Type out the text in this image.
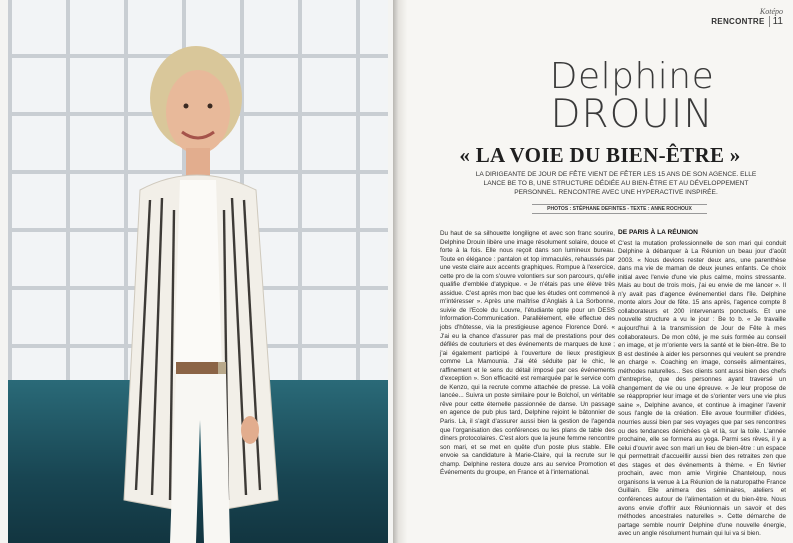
Kotépo
RENCONTRE 11
Delphine
DROUIN
« LA VOIE DU BIEN-ÊTRE »
LA DIRIGEANTE DE JOUR DE FÊTE VIENT DE FÊTER LES 15 ANS DE SON AGENCE. ELLE LANCE BE TO B, UNE STRUCTURE DÉDIÉE AU BIEN-ÊTRE ET AU DÉVELOPPEMENT PERSONNEL. RENCONTRE AVEC UNE HYPERACTIVE INSPIRÉE.
PHOTOS : STÉPHANE DEFINTES - TEXTE : ANNE ROCHOUX

Du haut de sa silhouette longiligne et avec son franc sourire, Delphine Drouin libère une image résolument solaire, douce et forte à la fois. Elle nous reçoit dans son lumineux bureau. Toute en élégance : pantalon et top immaculés, rehaussés par une veste claire aux accents graphiques. Rompue à l'exercice, cette pro de la com s'ouvre volontiers sur son parcours, qu'elle qualifie d'emblée d'atypique. « Je n'étais pas une élève très assidue. C'est après mon bac que les études ont commencé à m'intéresser ». Après une maîtrise d'Anglais à La Sorbonne, suivie de l'Ecole du Louvre, l'étudiante opte pour un DESS Information-Communication. Parallèlement, elle effectue des jobs d'hôtesse, via la prestigieuse agence Florence Doré. « J'ai eu la chance d'assurer pas mal de prestations pour des défilés de couturiers et des événements de marques de luxe ; j'ai également participé à l'ouverture de lieux prestigieux comme La Mamounia. J'ai été séduite par le chic, le raffinement et le sens du détail imposé par ces événements d'exception ». Son efficacité est remarquée par le service com de Kenzo, qui la recrute comme attachée de presse. La voilà lancée... Suivra un poste similaire pour le Bolchoï, un véritable rêve pour cette éternelle passionnée de danse. Un passage en agence de pub plus tard, Delphine rejoint le bâtonnier de Paris. Là, il s'agit d'assurer aussi bien la gestion de l'agenda que l'organisation des conférences ou les plans de table des dîners protocolaires. C'est alors que la jeune femme rencontre son mari, et se met en quête d'un poste plus stable. Elle envoie sa candidature à Marie-Claire, qui la recrute sur le champ. Delphine restera douze ans au service Promotion et Événements du groupe, en France et à l'international.

DE PARIS À LA RÉUNION

C'est la mutation professionnelle de son mari qui conduit Delphine à débarquer à La Réunion un beau jour d'août 2003. « Nous devions rester deux ans, une parenthèse dans ma vie de maman de deux jeunes enfants. Ce choix initial avec l'envie d'une vie plus calme, moins stressante. Mais au bout de trois mois, j'ai eu envie de me lancer ». Il n'y avait pas d'agence événementiel dans l'île. Delphine monte alors Jour de fête. 15 ans après, l'agence compte 8 collaborateurs et 200 intervenants ponctuels. Et une nouvelle structure a vu le jour : Be to b. « Je travaille aujourd'hui à la transmission de Jour de Fête à mes collaborateurs. De mon côté, je me suis formée au conseil en image, et je m'oriente vers la santé et le bien-être. Be to B est destinée à aider les personnes qui veulent se prendre en charge ». Coaching en image, conseils alimentaires, méthodes naturelles... Ses clients sont aussi bien des chefs d'entreprise, que des personnes ayant traversé un changement de vie ou une épreuve. « Je leur propose de se réapproprier leur image et de s'orienter vers une vie plus saine », Delphine avance, et continue à imaginer l'avenir sous l'angle de la création. Elle avoue fourmiller d'idées, nourries aussi bien par ses voyages que par ses rencontres ou des tendances dénichées çà et là, sur la toile. L'année prochaine, elle se formera au yoga. Parmi ses rêves, il y a celui d'ouvrir avec son mari un lieu de bien-être : un espace qui permettrait d'accueillir aussi bien des retraites zen que des stages et des événements à thème. « En février prochain, avec mon amie Virginie Chanteloup, nous organisons la venue à La Réunion de la naturopathe France Guillain. Elle animera des séminaires, ateliers et conférences autour de l'alimentation et du bien-être. Nous avons envie d'offrir aux Réunionnais un savoir et des méthodes ancestrales naturelles ». Cette démarche de partage semble nourrir Delphine d'une nouvelle énergie, avec un angle résolument humain qui lui va si bien.
